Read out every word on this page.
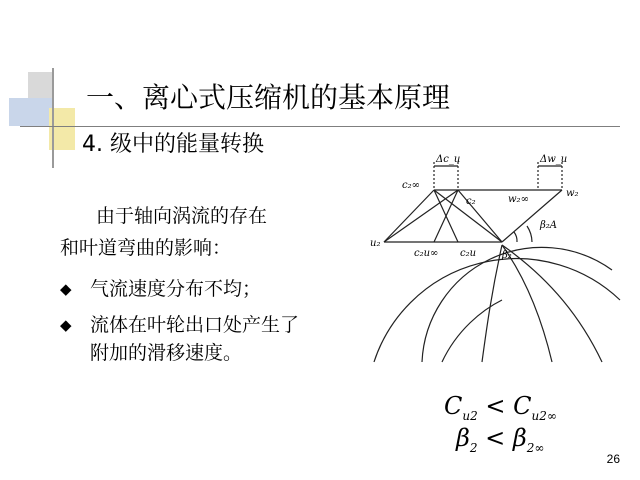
一、离心式压缩机的基本原理
4. 级中的能量转换
由于轴向涡流的存在
和叶道弯曲的影响：
◆ 气流速度分布不均；
◆ 流体在叶轮出口处产生了
附加的滑移速度。
Δc_u	Δw_u
c₂∞
c₂	w₂∞
w₂
β₂A
u₂
c₂u∞ c₂u	β₂
$C_{u2} < C_{u2\infty}$
$\beta_2 < \beta_{2\infty}$
26
